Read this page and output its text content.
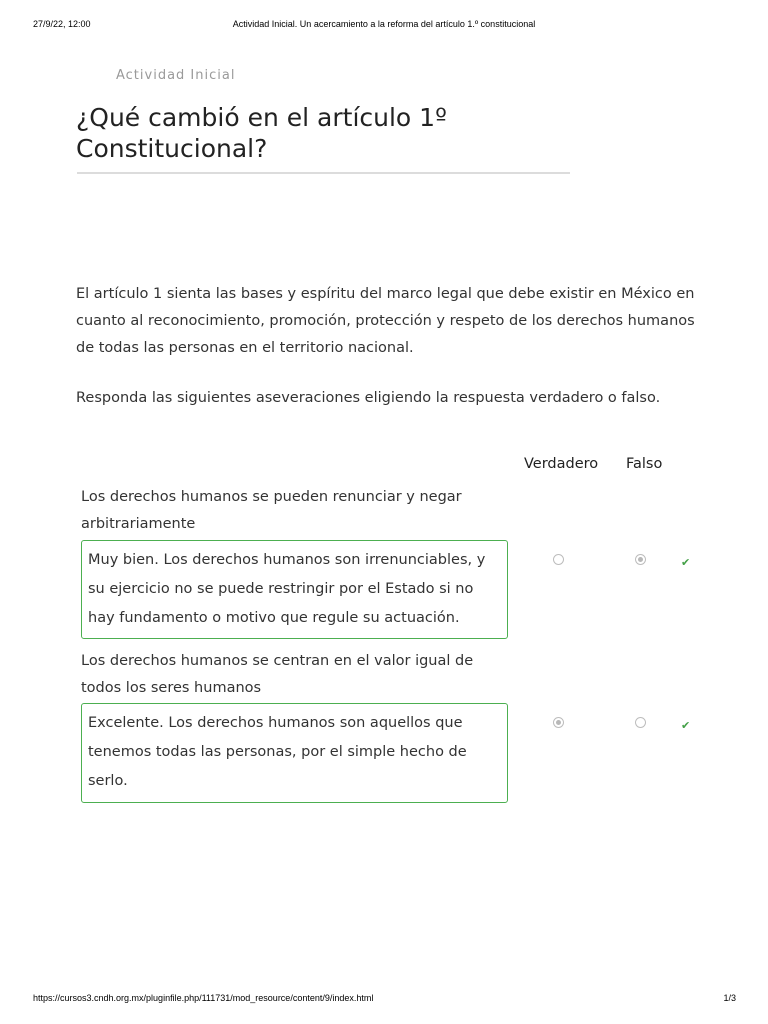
27/9/22, 12:00	Actividad Inicial. Un acercamiento a la reforma del artículo 1.º constitucional
Actividad Inicial
¿Qué cambió en el artículo 1º Constitucional?

El artículo 1 sienta las bases y espíritu del marco legal que debe existir en México en cuanto al reconocimiento, promoción, protección y respeto de los derechos humanos de todas las personas en el territorio nacional.

Responda las siguientes aseveraciones eligiendo la respuesta verdadero o falso.

Verdadero Falso

Los derechos humanos se pueden renunciar y negar arbitrariamente

Muy bien. Los derechos humanos son irrenunciables, y su ejercicio no se puede restringir por el Estado si no hay fundamento o motivo que regule su actuación.
✔

Los derechos humanos se centran en el valor igual de todos los seres humanos

Excelente. Los derechos humanos son aquellos que tenemos todas las personas, por el simple hecho de serlo.
✔
https://cursos3.cndh.org.mx/pluginfile.php/111731/mod_resource/content/9/index.html	1/3
